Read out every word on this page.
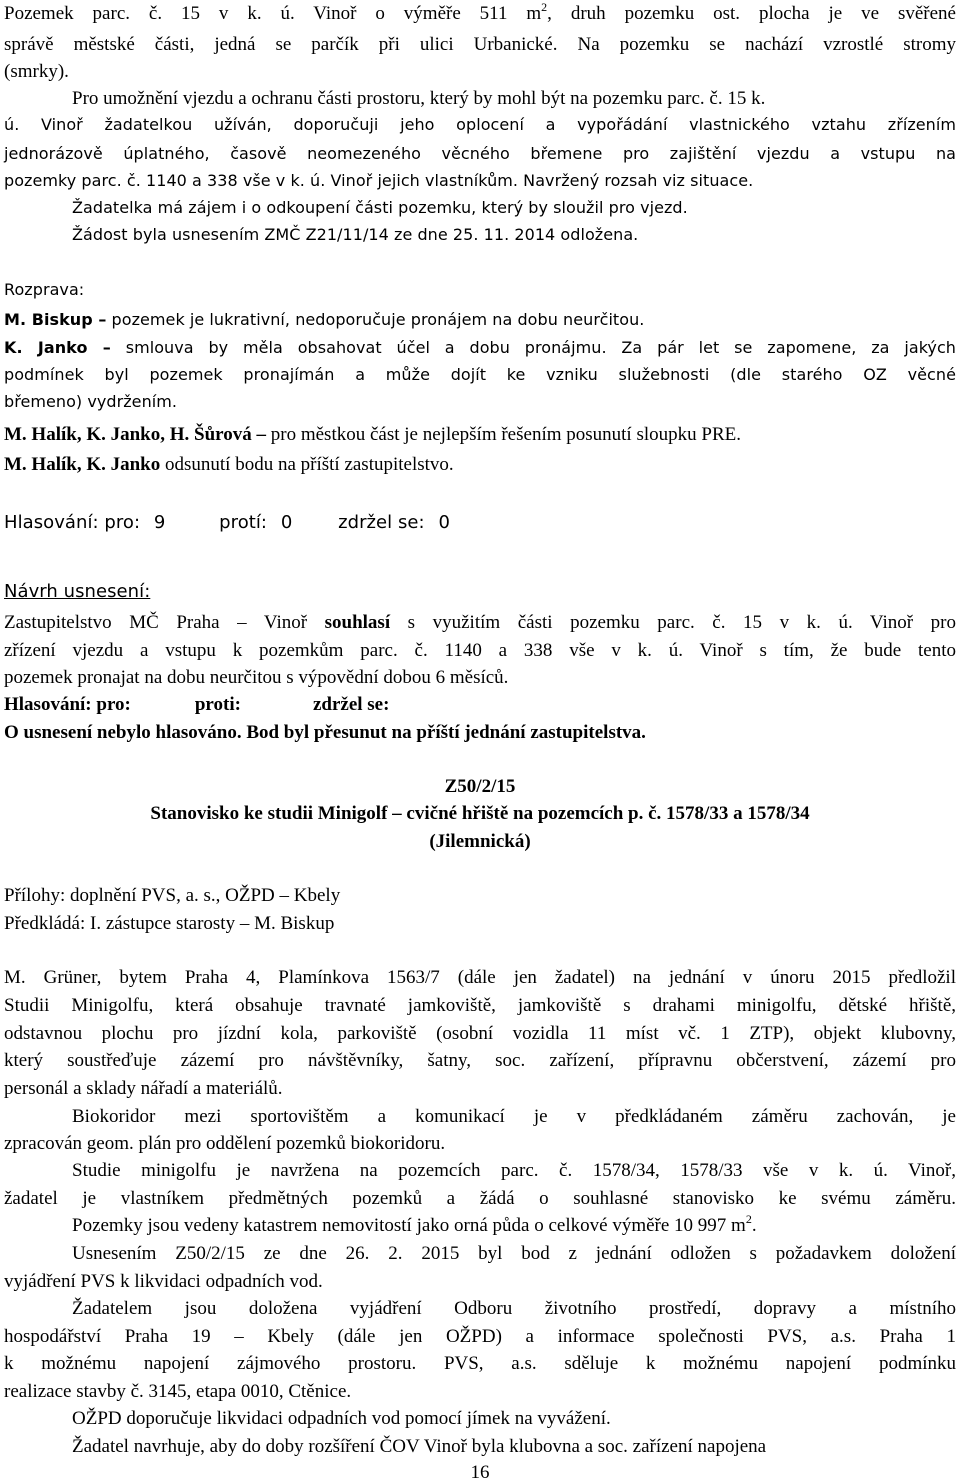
Pozemek parc. č. 15 v k. ú. Vinoř o výměře 511 $m^2$, druh pozemku ost. plocha je ve svěřené
správě městské části, jedná se parčík při ulici Urbanické. Na pozemku se nachází vzrostlé stromy
(smrky).
Pro umožnění vjezdu a ochranu části prostoru, který by mohl být na pozemku parc. č. 15 k.
ú. Vinoř žadatelkou užíván, doporučuji jeho oplocení a vypořádání vlastnického vztahu zřízením
jednorázově úplatného, časově neomezeného věcného břemene pro zajištění vjezdu a vstupu na
pozemky parc. č. 1140 a 338 vše v k. ú. Vinoř jejich vlastníkům. Navržený rozsah viz situace.
Žadatelka má zájem i o odkoupení části pozemku, který by sloužil pro vjezd.
Žádost byla usnesením ZMČ Z21/11/14 ze dne 25. 11. 2014 odložena.
Rozprava:
M. Biskup – pozemek je lukrativní, nedoporučuje pronájem na dobu neurčitou.
K. Janko – smlouva by měla obsahovat účel a dobu pronájmu. Za pár let se zapomene, za jakých
podmínek byl pozemek pronajímán a může dojít ke vzniku služebnosti (dle starého OZ věcné
břemeno) vydržením.
M. Halík, K. Janko, H. Šůrová – pro městkou část je nejlepším řešením posunutí sloupku PRE.
M. Halík, K. Janko odsunutí bodu na příští zastupitelstvo.
Hlasování: pro: 9	protí: 0	zdržel se: 0
Návrh usnesení:
Zastupitelstvo MČ Praha – Vinoř souhlasí s využitím části pozemku parc. č. 15 v k. ú. Vinoř pro
zřízení vjezdu a vstupu k pozemkům parc. č. 1140 a 338 vše v k. ú. Vinoř s tím, že bude tento
pozemek pronajat na dobu neurčitou s výpovědní dobou 6 měsíců.
Hlasování: pro:	proti:	zdržel se:
O usnesení nebylo hlasováno. Bod byl přesunut na příští jednání zastupitelstva.
Z50/2/15
Stanovisko ke studii Minigolf – cvičné hřiště na pozemcích p. č. 1578/33 a 1578/34
(Jilemnická)
Přílohy: doplnění PVS, a. s., OŽPD – Kbely
Předkládá: I. zástupce starosty – M. Biskup
M. Grüner, bytem Praha 4, Plamínkova 1563/7 (dále jen žadatel) na jednání v únoru 2015 předložil
Studii Minigolfu, která obsahuje travnaté jamkoviště, jamkoviště s drahami minigolfu, dětské hřiště,
odstavnou plochu pro jízdní kola, parkoviště (osobní vozidla 11 míst vč. 1 ZTP), objekt klubovny,
který soustřeďuje zázemí pro návštěvníky, šatny, soc. zařízení, přípravnu občerstvení, zázemí pro
personál a sklady nářadí a materiálů.
Biokoridor mezi sportovištěm a komunikací je v předkládaném záměru zachován, je
zpracován geom. plán pro oddělení pozemků biokoridoru.
Studie minigolfu je navržena na pozemcích parc. č. 1578/34, 1578/33 vše v k. ú. Vinoř,
žadatel je vlastníkem předmětných pozemků a žádá o souhlasné stanovisko ke svému záměru.
Pozemky jsou vedeny katastrem nemovitostí jako orná půda o celkové výměře 10 997 $m^2$.
Usnesením Z50/2/15 ze dne 26. 2. 2015 byl bod z jednání odložen s požadavkem doložení
vyjádření PVS k likvidaci odpadních vod.
Žadatelem jsou doložena vyjádření Odboru životního prostředí, dopravy a místního
hospodářství Praha 19 – Kbely (dále jen OŽPD) a informace společnosti PVS, a.s. Praha 1
k možnému napojení zájmového prostoru. PVS, a.s. sděluje k možnému napojení podmínku
realizace stavby č. 3145, etapa 0010, Ctěnice.
OŽPD doporučuje likvidaci odpadních vod pomocí jímek na vyvážení.
Žadatel navrhuje, aby do doby rozšíření ČOV Vinoř byla klubovna a soc. zařízení napojena
16
